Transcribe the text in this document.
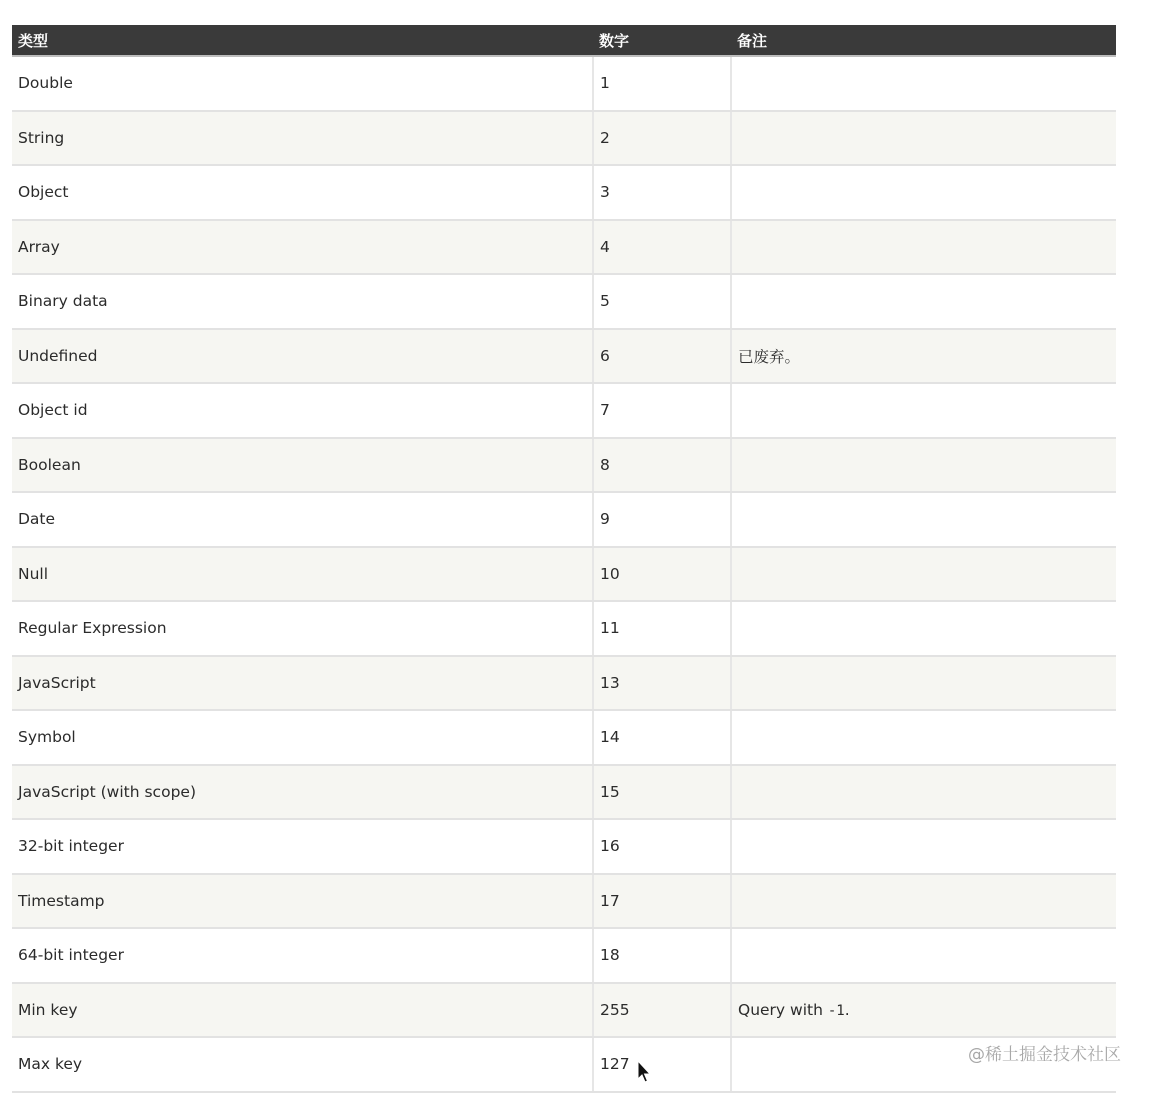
类型	数字	备注
Double	1	
String	2	
Object	3	
Array	4	
Binary data	5	
Undefined	6	已废弃。
Object id	7	
Boolean	8	
Date	9	
Null	10	
Regular Expression	11	
JavaScript	13	
Symbol	14	
JavaScript (with scope)	15	
32-bit integer	16	
Timestamp	17	
64-bit integer	18	
Min key	255	Query with -1.
Max key	127		@稀土掘金技术社区
